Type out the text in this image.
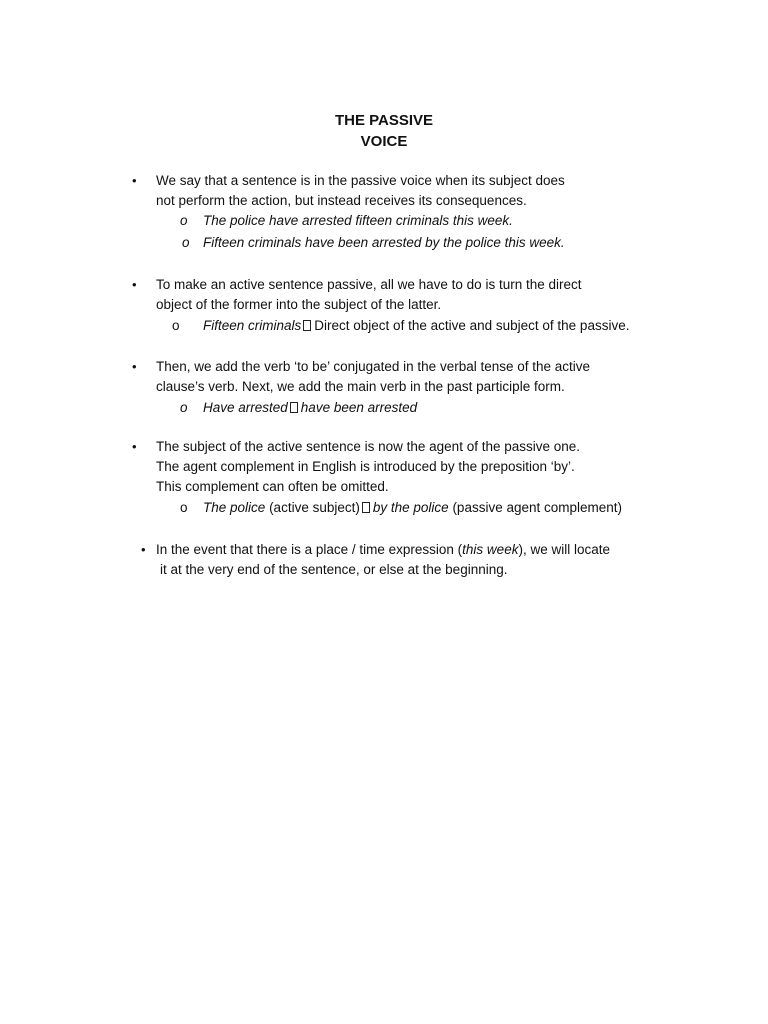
THE PASSIVE
VOICE
• We say that a sentence is in the passive voice when its subject does
not perform the action, but instead receives its consequences.
o The police have arrested fifteen criminals this week.
o Fifteen criminals have been arrested by the police this week.
• To make an active sentence passive, all we have to do is turn the direct
object of the former into the subject of the latter.
o Fifteen criminals Direct object of the active and subject of the passive.
• Then, we add the verb ‘to be’ conjugated in the verbal tense of the active
clause’s verb. Next, we add the main verb in the past participle form.
o Have arrested have been arrested
• The subject of the active sentence is now the agent of the passive one.
The agent complement in English is introduced by the preposition ‘by’.
This complement can often be omitted.
o The police (active subject) by the police (passive agent complement)
• In the event that there is a place / time expression (this week), we will locate
it at the very end of the sentence, or else at the beginning.
